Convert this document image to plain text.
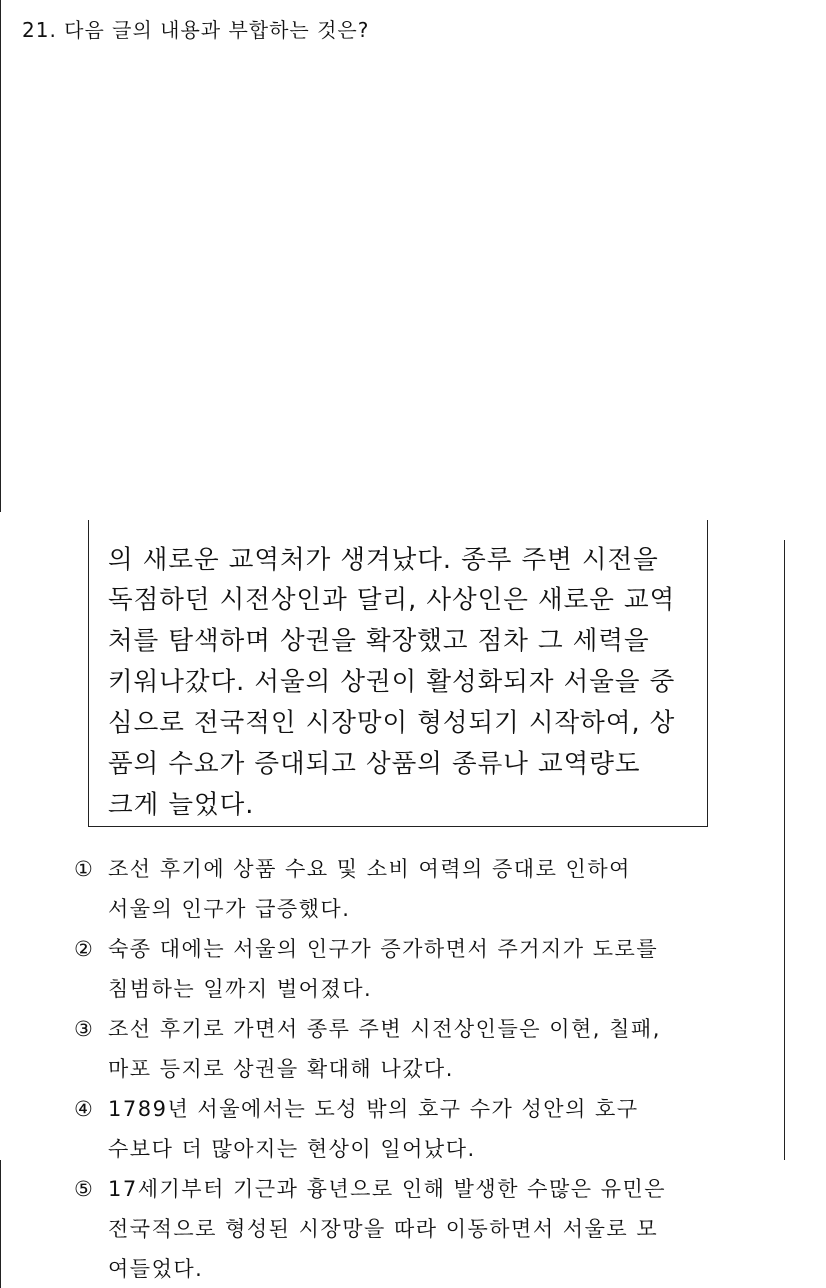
21. 다음 글의 내용과 부합하는 것은?
의 새로운 교역처가 생겨났다. 종루 주변 시전을
독점하던 시전상인과 달리, 사상인은 새로운 교역
처를 탐색하며 상권을 확장했고 점차 그 세력을
키워나갔다. 서울의 상권이 활성화되자 서울을 중
심으로 전국적인 시장망이 형성되기 시작하여, 상
품의 수요가 증대되고 상품의 종류나 교역량도
크게 늘었다.
① 조선 후기에 상품 수요 및 소비 여력의 증대로 인하여
서울의 인구가 급증했다.
② 숙종 대에는 서울의 인구가 증가하면서 주거지가 도로를
침범하는 일까지 벌어졌다.
③ 조선 후기로 가면서 종루 주변 시전상인들은 이현, 칠패,
마포 등지로 상권을 확대해 나갔다.
④ 1789년 서울에서는 도성 밖의 호구 수가 성안의 호구
수보다 더 많아지는 현상이 일어났다.
⑤ 17세기부터 기근과 흉년으로 인해 발생한 수많은 유민은
전국적으로 형성된 시장망을 따라 이동하면서 서울로 모
여들었다.
